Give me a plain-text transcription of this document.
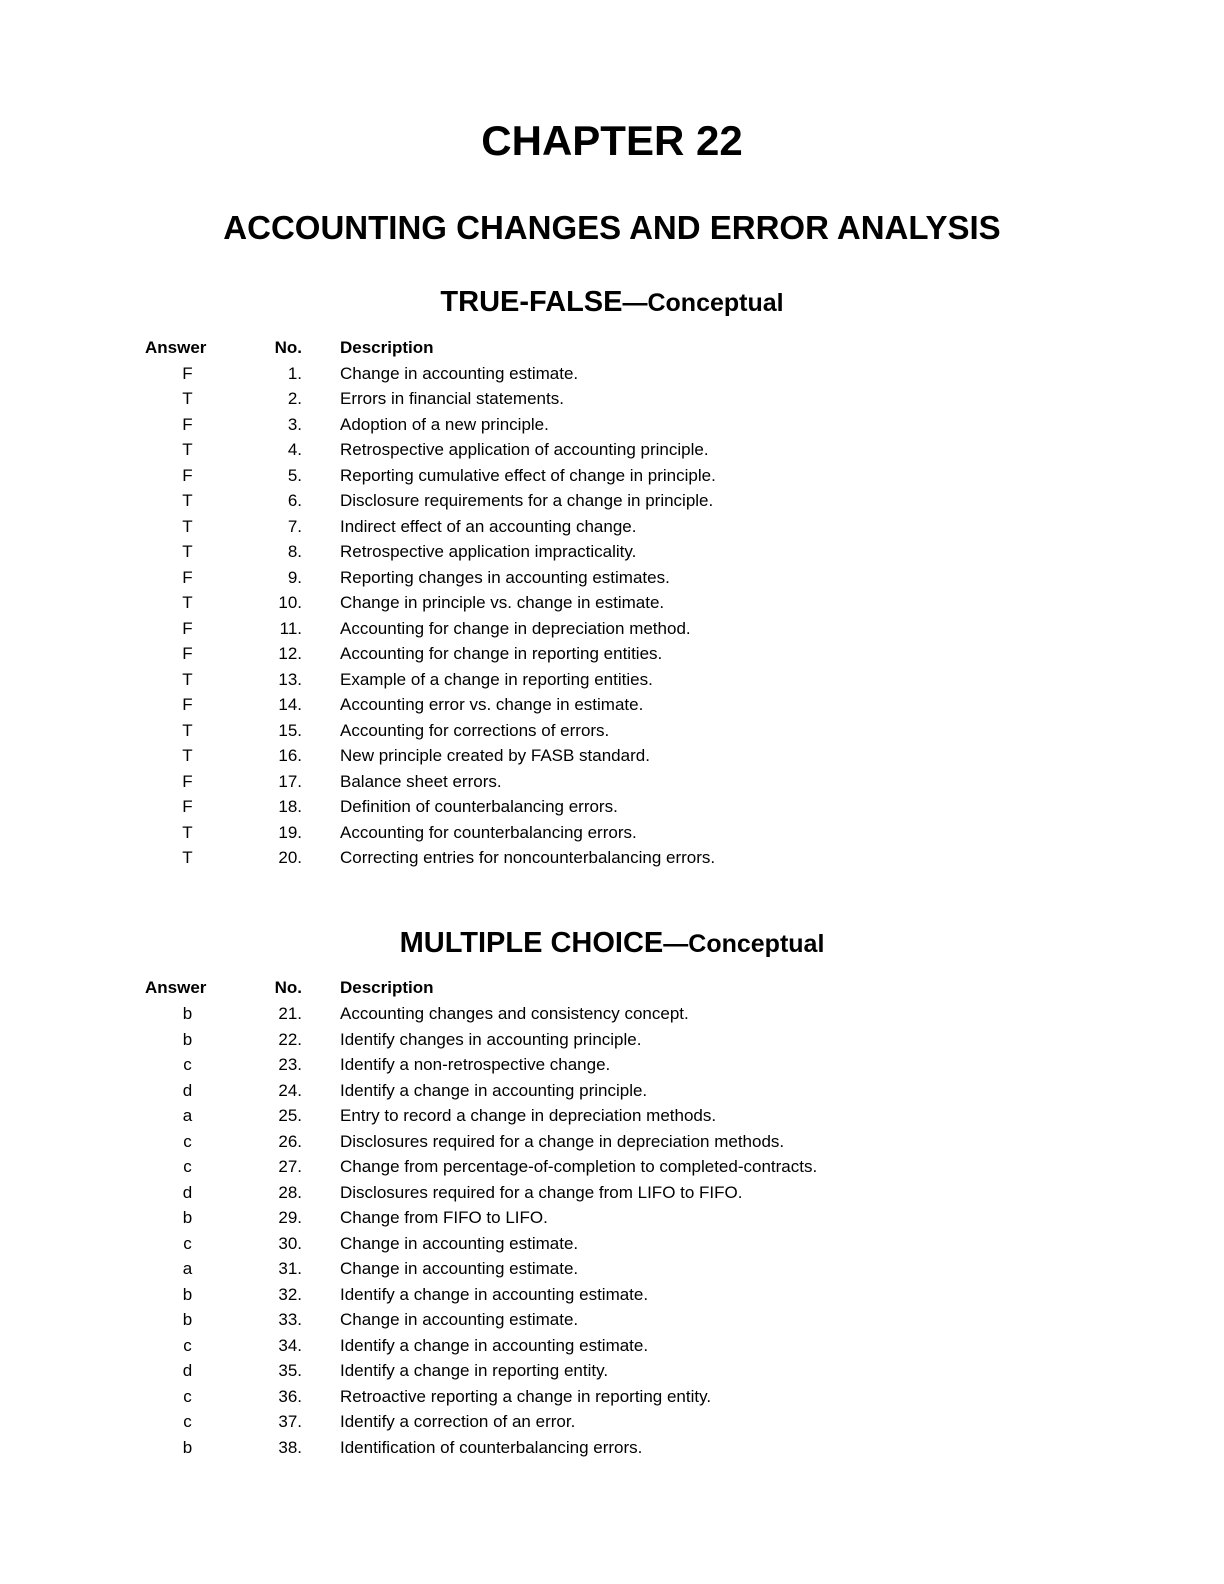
CHAPTER 22
ACCOUNTING CHANGES AND ERROR ANALYSIS
TRUE-FALSE—Conceptual
Answer	No.	Description
F	1.	Change in accounting estimate.
T	2.	Errors in financial statements.
F	3.	Adoption of a new principle.
T	4.	Retrospective application of accounting principle.
F	5.	Reporting cumulative effect of change in principle.
T	6.	Disclosure requirements for a change in principle.
T	7.	Indirect effect of an accounting change.
T	8.	Retrospective application impracticality.
F	9.	Reporting changes in accounting estimates.
T	10.	Change in principle vs. change in estimate.
F	11.	Accounting for change in depreciation method.
F	12.	Accounting for change in reporting entities.
T	13.	Example of a change in reporting entities.
F	14.	Accounting error vs. change in estimate.
T	15.	Accounting for corrections of errors.
T	16.	New principle created by FASB standard.
F	17.	Balance sheet errors.
F	18.	Definition of counterbalancing errors.
T	19.	Accounting for counterbalancing errors.
T	20.	Correcting entries for noncounterbalancing errors.
MULTIPLE CHOICE—Conceptual
Answer	No.	Description
b	21.	Accounting changes and consistency concept.
b	22.	Identify changes in accounting principle.
c	23.	Identify a non-retrospective change.
d	24.	Identify a change in accounting principle.
a	25.	Entry to record a change in depreciation methods.
c	26.	Disclosures required for a change in depreciation methods.
c	27.	Change from percentage-of-completion to completed-contracts.
d	28.	Disclosures required for a change from LIFO to FIFO.
b	29.	Change from FIFO to LIFO.
c	30.	Change in accounting estimate.
a	31.	Change in accounting estimate.
b	32.	Identify a change in accounting estimate.
b	33.	Change in accounting estimate.
c	34.	Identify a change in accounting estimate.
d	35.	Identify a change in reporting entity.
c	36.	Retroactive reporting a change in reporting entity.
c	37.	Identify a correction of an error.
b	38.	Identification of counterbalancing errors.
